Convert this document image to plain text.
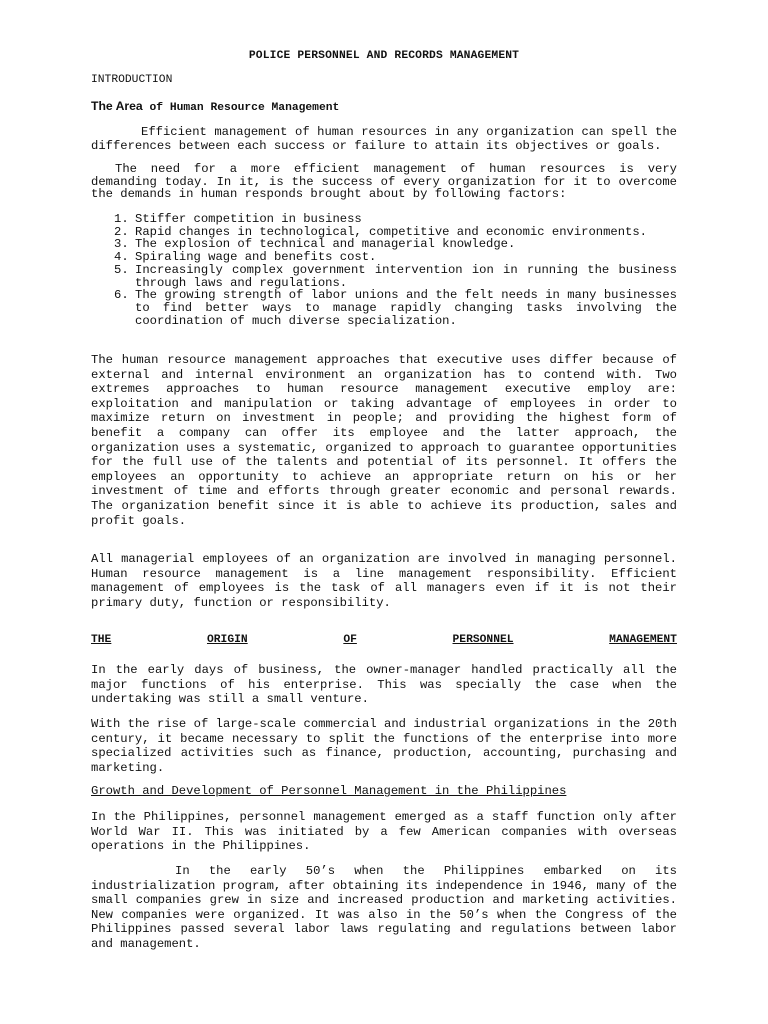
POLICE PERSONNEL AND RECORDS MANAGEMENT
INTRODUCTION
The Area of Human Resource Management

Efficient management of human resources in any organization can spell the differences between each success or failure to attain its objectives or goals.

The need for a more efficient management of human resources is very demanding today. In it, is the success of every organization for it to overcome the demands in human responds brought about by following factors:

1. Stiffer competition in business
2. Rapid changes in technological, competitive and economic environments.
3. The explosion of technical and managerial knowledge.
4. Spiraling wage and benefits cost.
5. Increasingly complex government intervention ion in running the business through laws and regulations.
6. The growing strength of labor unions and the felt needs in many businesses to find better ways to manage rapidly changing tasks involving the coordination of much diverse specialization.

The human resource management approaches that executive uses differ because of external and internal environment an organization has to contend with. Two extremes approaches to human resource management executive employ are: exploitation and manipulation or taking advantage of employees in order to maximize return on investment in people; and providing the highest form of benefit a company can offer its employee and the latter approach, the organization uses a systematic, organized to approach to guarantee opportunities for the full use of the talents and potential of its personnel. It offers the employees an opportunity to achieve an appropriate return on his or her investment of time and efforts through greater economic and personal rewards. The organization benefit since it is able to achieve its production, sales and profit goals.

All managerial employees of an organization are involved in managing personnel. Human resource management is a line management responsibility. Efficient management of employees is the task of all managers even if it is not their primary duty, function or responsibility.

THE	ORIGIN	OF	PERSONNEL	MANAGEMENT

In the early days of business, the owner-manager handled practically all the major functions of his enterprise. This was specially the case when the undertaking was still a small venture.

With the rise of large-scale commercial and industrial organizations in the 20th century, it became necessary to split the functions of the enterprise into more specialized activities such as finance, production, accounting, purchasing and marketing.

Growth and Development of Personnel Management in the Philippines

In the Philippines, personnel management emerged as a staff function only after World War II. This was initiated by a few American companies with overseas operations in the Philippines.

In the early 50’s when the Philippines embarked on its industrialization program, after obtaining its independence in 1946, many of the small companies grew in size and increased production and marketing activities. New companies were organized. It was also in the 50’s when the Congress of the Philippines passed several labor laws regulating and regulations between labor and management.
